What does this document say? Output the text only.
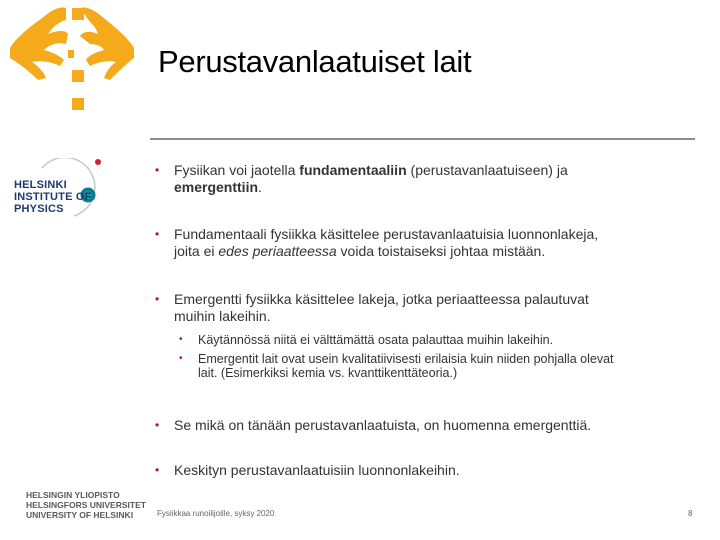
HELSINKI
INSTITUTE OF
PHYSICS
HELSINGIN YLIOPISTO
HELSINGFORS UNIVERSITET
UNIVERSITY OF HELSINKI
Perustavanlaatuiset lait
• Fysiikan voi jaotella fundamentaaliin (perustavanlaatuiseen) ja
emergenttiin.
• Fundamentaali fysiikka käsittelee perustavanlaatuisia luonnonlakeja,
joita ei edes periaatteessa voida toistaiseksi johtaa mistään.
• Emergentti fysiikka käsittelee lakeja, jotka periaatteessa palautuvat
muihin lakeihin.
• Käytännössä niitä ei välttämättä osata palauttaa muihin lakeihin.
• Emergentit lait ovat usein kvalitatiivisesti erilaisia kuin niiden pohjalla olevat
lait. (Esimerkiksi kemia vs. kvanttikenttäteoria.)
• Se mikä on tänään perustavanlaatuista, on huomenna emergenttiä.
• Keskityn perustavanlaatuisiin luonnonlakeihin.
Fysiikkaa runoilijoille, syksy 2020	8
